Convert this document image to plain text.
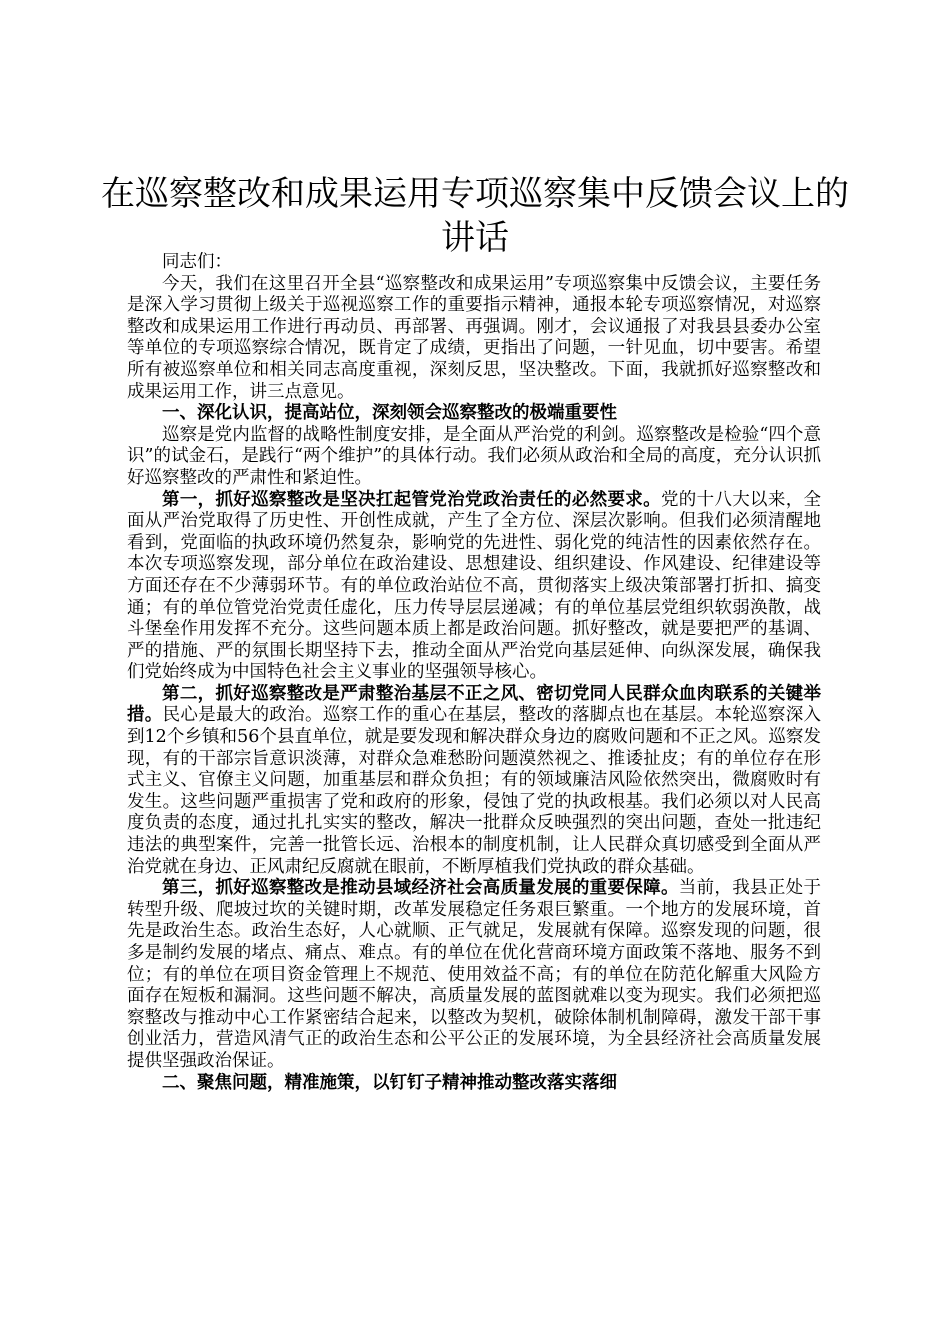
在巡察整改和成果运用专项巡察集中反馈会议上的讲话

同志们：

今天，我们在这里召开全县“巡察整改和成果运用”专项巡察集中反馈会议，主要任务是深入学习贯彻上级关于巡视巡察工作的重要指示精神，通报本轮专项巡察情况，对巡察整改和成果运用工作进行再动员、再部署、再强调。刚才，会议通报了对我县县委办公室等单位的专项巡察综合情况，既肯定了成绩，更指出了问题，一针见血，切中要害。希望所有被巡察单位和相关同志高度重视，深刻反思，坚决整改。下面，我就抓好巡察整改和成果运用工作，讲三点意见。

一、深化认识，提高站位，深刻领会巡察整改的极端重要性

巡察是党内监督的战略性制度安排，是全面从严治党的利剑。巡察整改是检验“四个意识”的试金石，是践行“两个维护”的具体行动。我们必须从政治和全局的高度，充分认识抓好巡察整改的严肃性和紧迫性。

第一，抓好巡察整改是坚决扛起管党治党政治责任的必然要求。党的十八大以来，全面从严治党取得了历史性、开创性成就，产生了全方位、深层次影响。但我们必须清醒地看到，党面临的执政环境仍然复杂，影响党的先进性、弱化党的纯洁性的因素依然存在。本次专项巡察发现，部分单位在政治建设、思想建设、组织建设、作风建设、纪律建设等方面还存在不少薄弱环节。有的单位政治站位不高，贯彻落实上级决策部署打折扣、搞变通；有的单位管党治党责任虚化，压力传导层层递减；有的单位基层党组织软弱涣散，战斗堡垒作用发挥不充分。这些问题本质上都是政治问题。抓好整改，就是要把严的基调、严的措施、严的氛围长期坚持下去，推动全面从严治党向基层延伸、向纵深发展，确保我们党始终成为中国特色社会主义事业的坚强领导核心。

第二，抓好巡察整改是严肃整治基层不正之风、密切党同人民群众血肉联系的关键举措。民心是最大的政治。巡察工作的重心在基层，整改的落脚点也在基层。本轮巡察深入到12个乡镇和56个县直单位，就是要发现和解决群众身边的腐败问题和不正之风。巡察发现，有的干部宗旨意识淡薄，对群众急难愁盼问题漠然视之、推诿扯皮；有的单位存在形式主义、官僚主义问题，加重基层和群众负担；有的领域廉洁风险依然突出，微腐败时有发生。这些问题严重损害了党和政府的形象，侵蚀了党的执政根基。我们必须以对人民高度负责的态度，通过扎扎实实的整改，解决一批群众反映强烈的突出问题，查处一批违纪违法的典型案件，完善一批管长远、治根本的制度机制，让人民群众真切感受到全面从严治党就在身边、正风肃纪反腐就在眼前，不断厚植我们党执政的群众基础。

第三，抓好巡察整改是推动县域经济社会高质量发展的重要保障。当前，我县正处于转型升级、爬坡过坎的关键时期，改革发展稳定任务艰巨繁重。一个地方的发展环境，首先是政治生态。政治生态好，人心就顺、正气就足，发展就有保障。巡察发现的问题，很多是制约发展的堵点、痛点、难点。有的单位在优化营商环境方面政策不落地、服务不到位；有的单位在项目资金管理上不规范、使用效益不高；有的单位在防范化解重大风险方面存在短板和漏洞。这些问题不解决，高质量发展的蓝图就难以变为现实。我们必须把巡察整改与推动中心工作紧密结合起来，以整改为契机，破除体制机制障碍，激发干部干事创业活力，营造风清气正的政治生态和公平公正的发展环境，为全县经济社会高质量发展提供坚强政治保证。

二、聚焦问题，精准施策，以钉钉子精神推动整改落实落细
